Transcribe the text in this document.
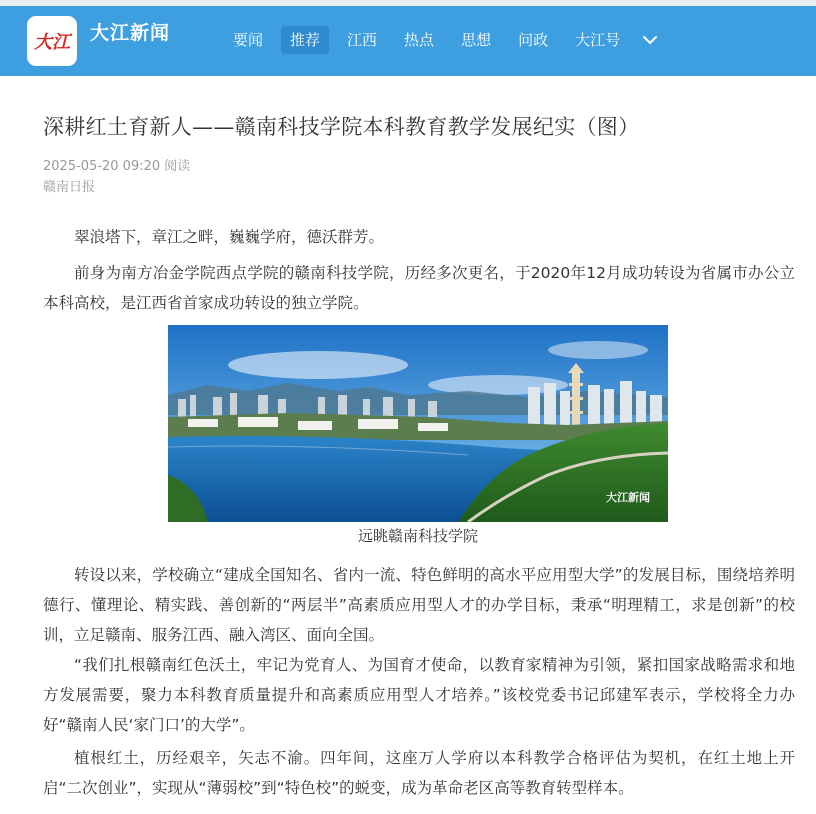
大江 大江新闻	要闻	推荐	江西	热点	思想	问政	大江号
深耕红土育新人——赣南科技学院本科教育教学发展纪实（图）
2025-05-20 09:20 阅读
赣南日报

翠浪塔下，章江之畔，巍巍学府，德沃群芳。

前身为南方冶金学院西点学院的赣南科技学院，历经多次更名，于2020年12月成功转设为省属市办公立本科高校，是江西省首家成功转设的独立学院。

大江新闻
远眺赣南科技学院

转设以来，学校确立“建成全国知名、省内一流、特色鲜明的高水平应用型大学”的发展目标，围绕培养明德行、懂理论、精实践、善创新的“两层半”高素质应用型人才的办学目标，秉承“明理精工，求是创新”的校训，立足赣南、服务江西、融入湾区、面向全国。

“我们扎根赣南红色沃土，牢记为党育人、为国育才使命，以教育家精神为引领，紧扣国家战略需求和地方发展需要，聚力本科教育质量提升和高素质应用型人才培养。”该校党委书记邱建军表示，学校将全力办好“赣南人民‘家门口’的大学”。

植根红土，历经艰辛，矢志不渝。四年间，这座万人学府以本科教学合格评估为契机，在红土地上开启“二次创业”，实现从“薄弱校”到“特色校”的蜕变，成为革命老区高等教育转型样本。
